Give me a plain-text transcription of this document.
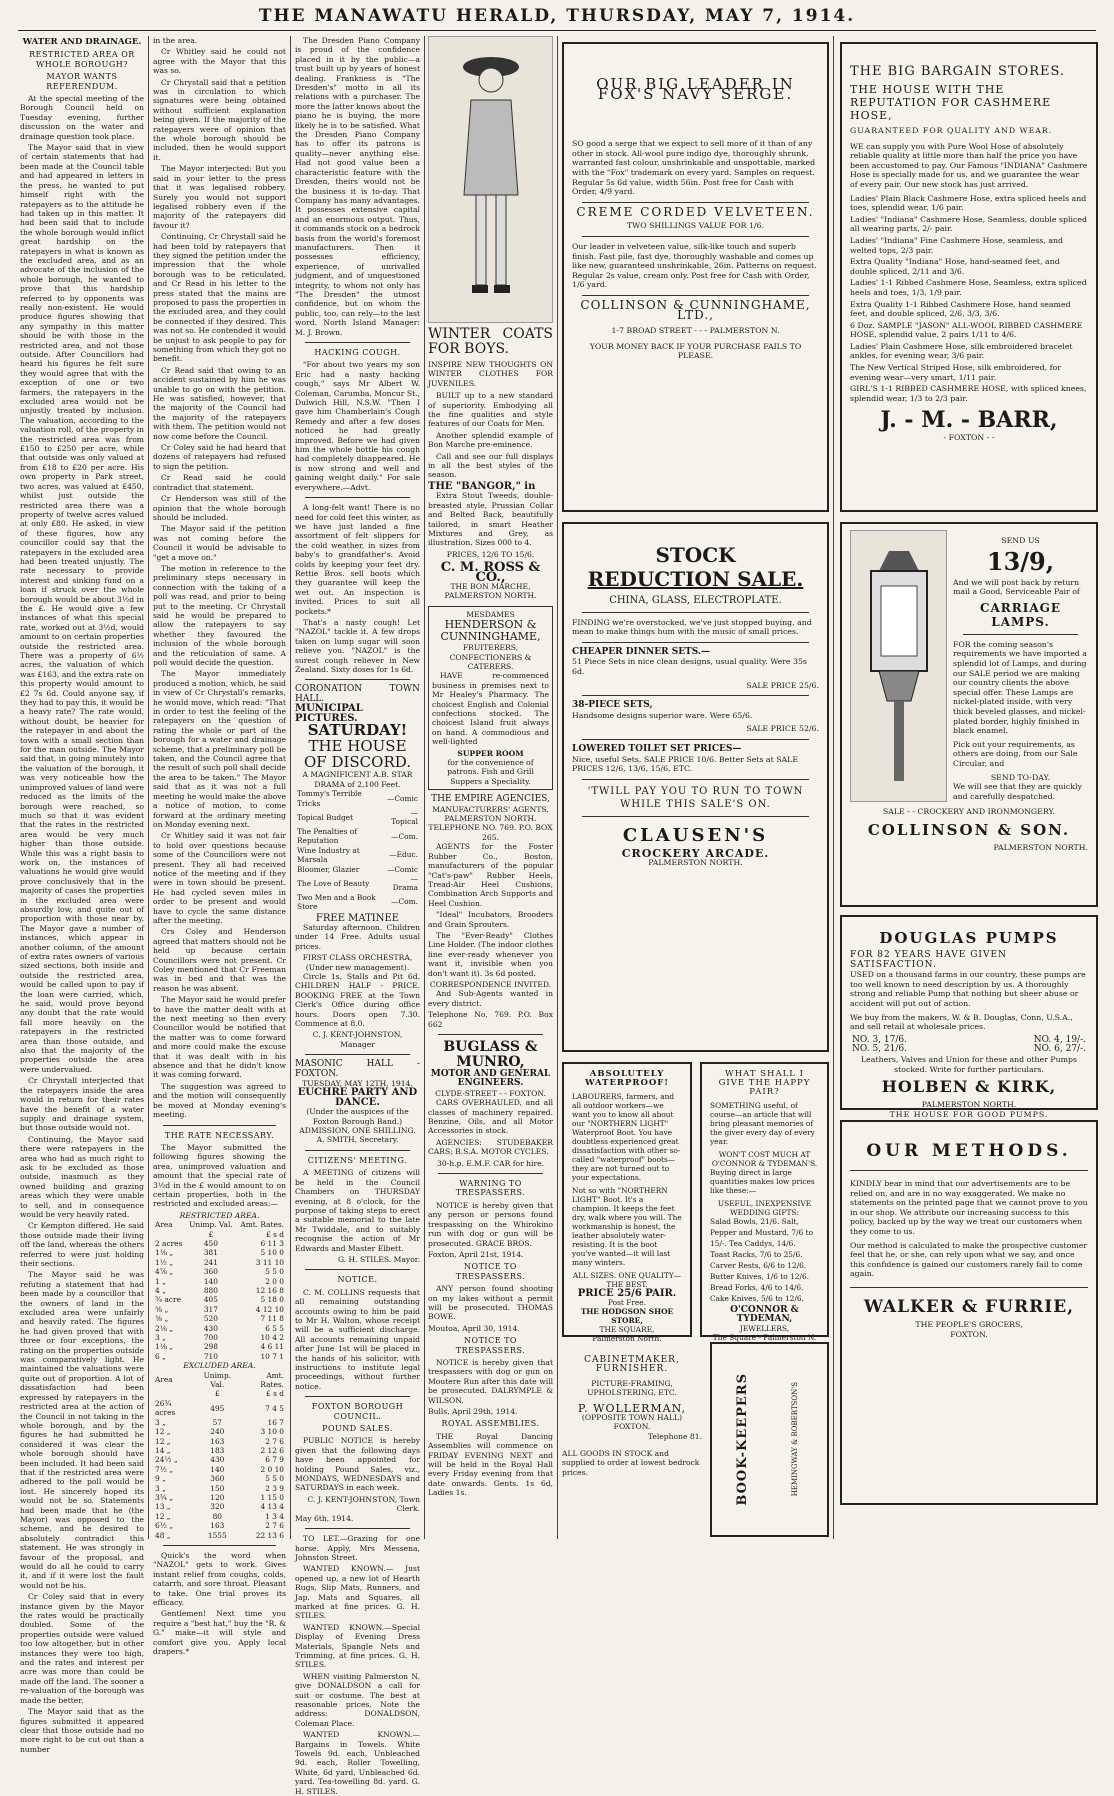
THE MANAWATU HERALD, THURSDAY, MAY 7, 1914.
WATER AND DRAINAGE.
RESTRICTED AREA OR WHOLE BOROUGH?
MAYOR WANTS REFERENDUM.

At the special meeting of the Borough Council held on Tuesday evening, further discussion on the water and drainage question took place.

The Mayor said that in view of certain statements that had been made at the Council table and had appeared in letters in the press, he wanted to put himself right with the ratepayers as to the attitude he had taken up in this matter. It had been said that to include the whole borough would inflict great hardship on the ratepayers in what is known as the excluded area, and as an advocate of the inclusion of the whole borough, he wanted to prove that this hardship referred to by opponents was really non-existent. He would produce figures showing that any sympathy in this matter should be with those in the restricted area, and not those outside. After Councillors had heard his figures he felt sure they would agree that with the exception of one or two farmers, the ratepayers in the excluded area would not be unjustly treated by inclusion. The valuation, according to the valuation roll, of the property in the restricted area was from £150 to £250 per acre, while that outside was only valued at from £18 to £20 per acre. His own property in Park street, two acres, was valued at £450, whilst just outside the restricted area there was a property of twelve acres valued at only £80. He asked, in view of these figures, how any councillor could say that the ratepayers in the excluded area had been treated unjustly. The rate necessary to provide interest and sinking fund on a loan if struck over the whole borough would be about 3½d in the £. He would give a few instances of what this special rate, worked out at 3½d, would amount to on certain properties outside the restricted area. There was a property of 6½ acres, the valuation of which was £163, and the extra rate on this property would amount to £2 7s 6d. Could anyone say, if they had to pay this, it would be a heavy rate? The rate would, without doubt, be heavier for the ratepayer in and about the town with a small section than for the man outside. The Mayor said that, in going minutely into the valuation of the borough, it was very noticeable how the unimproved values of land were reduced as the limits of the borough were reached, so much so that it was evident that the rates in the restricted area would be very much higher than those outside. While this was a right basis to work on, the instances of valuations he would give would prove conclusively that in the majority of cases the properties in the excluded area were absurdly low, and quite out of proportion with those near by. The Mayor gave a number of instances, which appear in another column, of the amount of extra rates owners of various sized sections, both inside and outside the restricted area, would be called upon to pay if the loan were carried, which, he said, would prove beyond any doubt that the rate would fall more heavily on the ratepayers in the restricted area than those outside, and also that the majority of the properties outside the area were undervalued.

Cr Chrystall interjected that the ratepayers inside the area would in return for their rates have the benefit of a water supply and drainage system, but those outside would not.

Continuing, the Mayor said there were ratepayers in the area who had as much right to ask to be excluded as those outside, inasmuch as they owned building and grazing areas which they were unable to sell, and in consequence would be very heavily rated.

Cr Kempton differed. He said those outside made their living off the land, whereas the others referred to were just holding their sections.

The Mayor said he was refuting a statement that had been made by a councillor that the owners of land in the excluded area were unfairly and heavily rated. The figures he had given proved that with three or four exceptions, the rating on the properties outside was comparatively light. He maintained the valuations were quite out of proportion. A lot of dissatisfaction had been expressed by ratepayers in the restricted area at the action of the Council in not taking in the whole borough, and by the figures he had submitted he considered it was clear the whole borough should have been included. It had been said that if the restricted area were adhered to the poll would be lost. He sincerely hoped its would not be so. Statements had been made that he (the Mayor) was opposed to the scheme, and he desired to absolutely contradict this statement. He was strongly in favour of the proposal, and would do all he could to carry it, and if it were lost the fault would not be his.

Cr Coley said that in every instance given by the Mayor the rates would be practically doubled. Some of the properties outside were valued too low altogether, but in other instances they were too high, and the rates and interest per acre was more than could be made off the land. The sooner a re-valuation of the borough was made the better.

The Mayor said that as the figures submitted it appeared clear that those outside had no more right to be cut out than a number

in the area.

Cr Whitley said he could not agree with the Mayor that this was so.

Cr Chrystall said that a petition was in circulation to which signatures were being obtained without sufficient explanation being given. If the majority of the ratepayers were of opinion that the whole borough should be included, then he would support it.

The Mayor interjected: But you said in your letter to the press that it was legalised robbery. Surely you would not support legalised robbery even if the majority of the ratepayers did favour it?

Continuing, Cr Chrystall said he had been told by ratepayers that they signed the petition under the impression that the whole borough was to be reticulated, and Cr Read in his letter to the press stated that the mains are proposed to pass the properties in the excluded area, and they could be connected if they desired. This was not so. He contended it would be unjust to ask people to pay for something from which they got no benefit.

Cr Read said that owing to an accident sustained by him he was unable to go on with the petition. He was satisfied, however, that the majority of the Council had the majority of the ratepayers with them. The petition would not now come before the Council.

Cr Coley said he had heard that dozens of ratepayers had refused to sign the petition.

Cr Read said he could contradict that statement.

Cr Henderson was still of the opinion that the whole borough should be included.

The Mayor said if the petition was not coming before the Council it would be advisable to "get a move on."

The motion in reference to the preliminary steps necessary in connection with the taking of a poll was read, and prior to being put to the meeting, Cr Chrystall said he would be prepared to allow the ratepayers to say whether they favoured the inclusion of the whole borough and the reticulation of same. A poll would decide the question.

The Mayor immediately produced a motion, which, he said in view of Cr Chrystall's remarks, he would move, which read: "That in order to test the feeling of the ratepayers on the question of rating the whole or part of the borough for a water and drainage scheme, that a preliminary poll be taken, and the Council agree that the result of such poll shall decide the area to be taken." The Mayor said that as it was not a full meeting he would make the above a notice of motion, to come forward at the ordinary meeting on Monday evening next.

Cr Whitley said it was not fair to hold over questions because some of the Councillors were not present. They all had received notice of the meeting and if they were in town should be present. He had cycled seven miles in order to be present and would have to cycle the same distance after the meeting.

Crs Coley and Henderson agreed that matters should not be held up because certain Councillors were not present. Cr Coley mentioned that Cr Freeman was in bed and that was the reason he was absent.

The Mayor said he would prefer to have the matter dealt with at the next meeting so then every Councillor would be notified that the matter was to come forward and more could make the excuse that it was dealt with in his absence and that he didn't know it was coming forward.

The suggestion was agreed to and the motion will consequently be moved at Monday evening's meeting.

THE RATE NECESSARY.

The Mayor submitted the following figures showing the area, unimproved valuation and amount that the special rate of 3½d in the £ would amount to on certain properties, both in the restricted and excluded areas:—

RESTRICTED AREA.
Area	Unimp. Val.	Amt. Rates.
	£	£ s d
2 acres	450	6 11 3
1⅛ „	381	5 10 0
1½ „	241	3 11 10
4⅞ „	360	5 5 0
1 „	140	2 0 0
4 „	880	12 16 8
¾ acre	405	5 18 0
⅜ „	317	4 12 10
⅜ „	520	7 11 8
2⅛ „	430	6 5 5
3 „	700	10 4 2
1⅛ „	298	4 6 11
6 „	710	10 7 1
EXCLUDED AREA.
Area	Unimp. Val.	Amt. Rates.
	£	£ s d
26¾ acres	495	7 4 5
3 „	57	16 7
12 „	240	3 10 0
12 „	163	2 7 6
14 „	183	2 12 6
24½ „	430	6 7 9
7½ „	140	2 0 10
9 „	360	5 5 0
3 „	150	2 3 9
3¾ „	120	1 15 0
13 „	320	4 13 4
12 „	80	1 3 4
6½ „	163	2 7 6
48 „	1555	22 13 6

Quick's the word when "NAZOL" gets to work. Gives instant relief from coughs, colds, catarrh, and sore throat. Pleasant to take. One trial proves its efficacy.

Gentlemen! Next time you require a "best hat," buy the "R. & G." make—it will style and comfort give you. Apply local drapers.*

The Dresden Piano Company is proud of the confidence placed in it by the public—a trust built up by years of honest dealing. Frankness is "The Dresden's" motto in all its relations with a purchaser. The more the latter knows about the piano he is buying, the more likely he is to be satisfied. What the Dresden Piano Company has to offer its patrons is quality—never anything else. Had not good value been a characteristic feature with the Dresden, theirs would not be the business it is to-day. That Company has many advantages. It possesses extensive capital and an enormous output. Thus, it commands stock on a bedrock basis from the world's foremost manufacturers. Then it possesses efficiency, experience, of unrivalled judgment, and of unquestioned integrity, to whom not only has "The Dresden" the utmost confidence, but on whom the public, too, can rely—to the last word. North Island Manager: M. J. Brown.

HACKING COUGH.

"For about two years my son Eric had a nasty hacking cough," says Mr Albert W. Coleman, Carumba, Moncur St., Dulwich Hill, N.S.W. "Then I gave him Chamberlain's Cough Remedy and after a few doses noticed he had greatly improved. Before we had given him the whole bottle his cough had completely disappeared. He is now strong and well and gaining weight daily." For sale everywhere.—Advt.

A long-felt want! There is no need for cold feet this winter, as we have just landed a fine assortment of felt slippers for the cold weather, in sizes from baby's to grandfather's. Avoid colds by keeping your feet dry. Rettie Bros. sell boots which they guarantee will keep the wet out. An inspection is invited. Prices to suit all pockets.*

That's a nasty cough! Let "NAZOL" tackle it. A few drops taken on lump sugar will soon relieve you. "NAZOL" is the surest cough reliever in New Zealand. Sixty doses for 1s 6d.

CORONATION TOWN HALL.
MUNICIPAL PICTURES.
SATURDAY!
THE HOUSE OF DISCORD.
A MAGNIFICENT A.B. STAR DRAMA of 2,100 Feet.
Tommy's Terrible Tricks	—Comic
Topical Budget	—Topical
The Penalties of Reputation	—Com.
Wine Industry at Marsala	—Educ.
Bloomer, Glazier	—Comic
The Love of Beauty	—Drama
Two Men and a Book Store	—Com.
FREE MATINEE

Saturday afternoon. Children under 14 Free. Adults usual prices.

FIRST CLASS ORCHESTRA,
(Under new management).

Circle 1s, Stalls and Pit 6d. CHILDREN HALF - PRICE. BOOKING FREE at the Town Clerk's Office during office hours. Doors open 7.30. Commence at 8.0.

C. J. KENT-JOHNSTON, Manager
MASONIC HALL - FOXTON.
TUESDAY, MAY 12TH, 1914.
EUCHRE PARTY AND DANCE.
(Under the auspices of the Foxton Borough Band.)
ADMISSION, ONE SHILLING. A. SMITH, Secretary.
CITIZENS' MEETING.

A MEETING of citizens will be held in the Council Chambers on THURSDAY evening, at 8 o'clock, for the purpose of taking steps to erect a suitable memorial to the late Mr Twiddale, and to suitably recognise the action of Mr Edwards and Master Elbett.

G. H. STILES. Mayor.
NOTICE.

C. M. COLLINS requests that all remaining outstanding accounts owing to him be paid to Mr H. Walton, whose receipt will be a sufficient discharge. All accounts remaining unpaid after June 1st will be placed in the hands of his solicitor, with instructions to institute legal proceedings, without further notice.

FOXTON BOROUGH COUNCIL.
POUND SALES.

PUBLIC NOTICE is hereby given that the following days have been appointed for holding Pound Sales, viz., MONDAYS, WEDNESDAYS and SATURDAYS in each week.

C. J. KENT-JOHNSTON, Town Clerk.
May 6th, 1914.

TO LET.—Grazing for one horse. Apply, Mrs Messena, Johnston Street.

WANTED KNOWN.— Just opened up, a new lot of Hearth Rugs, Slip Mats, Runners, and Jap. Mats and Squares, all marked at fine prices. G. H. STILES.

WANTED KNOWN.—Special Display of Evening Dress Materials, Spangle Nets and Trimming, at fine prices. G. H. STILES.

WHEN visiting Palmerston N. give DONALDSON a call for suit or costume. The best at reasonable prices. Note the address: DONALDSON, Coleman Place.

WANTED KNOWN.— Bargains in Towels. White Towels 9d. each, Unbleached 9d. each, Roller Towelling, White, 6d yard, Unbleached 6d. yard. Tea-towelling 8d. yard. G. H. STILES.

WINTER COATS FOR BOYS.
INSPIRE NEW THOUGHTS ON WINTER CLOTHES FOR JUVENILES.

BUILT up to a new standard of superiority. Embodying all the fine qualities and style features of our Coats for Men.

Another splendid example of Bon Marche pre-eminence.

Call and see our full displays in all the best styles of the season.

THE "BANGOR," in

Extra Stout Tweeds, double-breasted style, Prussian Collar and Belted Back, beautifully tailored, in smart Heather Mixtures and Grey, as illustration. Sizes 000 to 4.

PRICES, 12/6 TO 15/6.
C. M. ROSS & CO.,
THE BON MARCHE,
PALMERSTON NORTH.
MESDAMES
HENDERSON & CUNNINGHAME,
FRUITERERS, CONFECTIONERS & CATERERS.

HAVE re-commenced business in premises next to Mr Healey's Pharmacy. The choicest English and Colonial confections stocked. The choicest Island fruit always on hand. A commodious and well-lighted

SUPPER ROOM
for the convenience of patrons. Fish and Grill Suppers a Speciality.
THE EMPIRE AGENCIES,
MANUFACTURERS' AGENTS, PALMERSTON NORTH.
TELEPHONE NO. 769. P.O. BOX 265.

AGENTS for the Foster Rubber Co., Boston, manufacturers of the popular "Cat's-paw" Rubber Heels, Tread-Air Heel Cushions, Combination Arch Supports and Heel Cushion.

"Ideal" Incubators, Brooders and Grain Sprouters.

The "Ever-Ready" Clothes Line Holder. (The indoor clothes line ever-ready whenever you want it, invisible when you don't want it). 3s 6d posted.

CORRESPONDENCE INVITED.

And Sub-Agents wanted in every district.

Telephone No. 769. P.O. Box 662
BUGLASS & MUNRO,
MOTOR AND GENERAL ENGINEERS.
CLYDE-STREET - - FOXTON.

CARS OVERHAULED, and all classes of machinery repaired. Benzine, Oils, and all Motor Accessories in stock.

AGENCIES: STUDEBAKER CARS; B.S.A. MOTOR CYCLES.

30-h.p. E.M.F. CAR for hire.
WARNING TO TRESPASSERS.

NOTICE is hereby given that any person or persons found trespassing on the Whirokino run with dog or gun will be prosecuted. GRACE BROS.

Foxton, April 21st, 1914.
NOTICE TO TRESPASSERS.

ANY person found shooting on my lakes without a permit will be prosecuted. THOMAS BOWE.

Moutoa, April 30, 1914.
NOTICE TO TRESPASSERS.

NOTICE is hereby given that trespassers with dog or gun on Moutere Run after this date will be prosecuted. DALRYMPLE & WILSON.

Bulls, April 29th, 1914.
ROYAL ASSEMBLIES.

THE Royal Dancing Assemblies will commence on FRIDAY EVENING NEXT and will be held in the Royal Hall every Friday evening from that date onwards. Gents. 1s 6d, Ladies 1s.

OUR BIG LEADER IN FOX'S NAVY SERGE.

SO good a serge that we expect to sell more of it than of any other in stock. All-wool pure indigo dye, thoroughly shrunk, warranted fast colour, unshrinkable and unspottable, marked with the "Fox" trademark on every yard. Samples on request. Regular 5s 6d value, width 56in. Post free for Cash with Order, 4/9 yard.

CREME CORDED VELVETEEN.
TWO SHILLINGS VALUE FOR 1/6.

Our leader in velveteen value, silk-like touch and superb finish. Fast pile, fast dye, thoroughly washable and comes up like new, guaranteed unshrinkable, 26in. Patterns on request. Regular 2s value, cream only. Post free for Cash with Order, 1/6 yard.

COLLINSON & CUNNINGHAME, LTD.,
1-7 BROAD STREET - - - PALMERSTON N.
YOUR MONEY BACK IF YOUR PURCHASE FAILS TO PLEASE.
THE BIG BARGAIN STORES.
THE HOUSE WITH THE REPUTATION FOR CASHMERE HOSE,
GUARANTEED FOR QUALITY AND WEAR.

WE can supply you with Pure Wool Hose of absolutely reliable quality at little more than half the price you have been accustomed to pay. Our Famous "INDIANA" Cashmere Hose is specially made for us, and we guarantee the wear of every pair. Our new stock has just arrived.

Ladies' Plain Black Cashmere Hose, extra spliced heels and toes, splendid wear, 1/6 pair.
Ladies' "Indiana" Cashmere Hose, Seamless, double spliced all wearing parts, 2/- pair.
Ladies' "Indiana" Fine Cashmere Hose, seamless, and welted tops, 2/3 pair.
Extra Quality "Indiana" Hose, hand-seamed feet, and double spliced, 2/11 and 3/6.
Ladies' 1-1 Ribbed Cashmere Hose, Seamless, extra spliced heels and toes, 1/3, 1/9 pair.
Extra Quality 1-1 Ribbed Cashmere Hose, hand seamed feet, and double spliced, 2/6, 3/3, 3/6.
6 Doz. SAMPLE "JASON" ALL-WOOL RIBBED CASHMERE HOSE, splendid value, 2 pairs 1/11 to 4/6.
Ladies' Plain Cashmere Hose, silk embroidered bracelet ankles, for evening wear, 3/6 pair.
The New Vertical Striped Hose, silk embroidered, for evening wear—very smart, 1/11 pair.
GIRL'S 1-1 RIBBED CASHMERE HOSE, with spliced knees, splendid wear, 1/3 to 2/3 pair.
J. - M. - BARR,
- FOXTON - -
STOCK
REDUCTION SALE.
CHINA, GLASS, ELECTROPLATE.

FINDING we're overstocked, we've just stopped buying, and mean to make things hum with the music of small prices.

CHEAPER DINNER SETS.—

51 Piece Sets in nice clean designs, usual quality. Were 35s 6d.

SALE PRICE 25/6.
38-PIECE SETS,

Handsome designs superior ware. Were 65/6.

SALE PRICE 52/6.
LOWERED TOILET SET PRICES—

Nice, useful Sets, SALE PRICE 10/6. Better Sets at SALE PRICES 12/6, 13/6, 15/6, ETC.

'TWILL PAY YOU TO RUN TO TOWN WHILE THIS SALE'S ON.
CLAUSEN'S
CROCKERY ARCADE.
PALMERSTON NORTH.
SEND US
13/9,

And we will post back by return mail a Good, Serviceable Pair of

CARRIAGE LAMPS.

FOR the coming season's requirements we have imported a splendid lot of Lamps, and during our SALE period we are making our country clients the above special offer. These Lamps are nickel-plated inside, with very thick beveled glasses, and nickel-plated border, highly finished in black enamel.

Pick out your requirements, as others are doing, from our Sale Circular, and

SEND TO-DAY.

We will see that they are quickly and carefully despatched.

SALE - - CROCKERY AND IRONMONGERY.
COLLINSON & SON.
PALMERSTON NORTH.
DOUGLAS PUMPS
FOR 82 YEARS HAVE GIVEN SATISFACTION.

USED on a thousand farms in our country, these pumps are too well known to need description by us. A thoroughly strong and reliable Pump that nothing but sheer abuse or accident will put out of action.

We buy from the makers, W. & B. Douglas, Conn, U.S.A., and sell retail at wholesale prices.

NO. 3, 17/6.	NO. 4, 19/-.
NO. 5, 21/6.	NO. 6, 27/-.
Leathers, Valves and Union for these and other Pumps stocked. Write for further particulars.
HOLBEN & KIRK,
PALMERSTON NORTH.
THE HOUSE FOR GOOD PUMPS.
ABSOLUTELY WATERPROOF!

LABOURERS, farmers, and all outdoor workers—we want you to know all about our "NORTHERN LIGHT" Waterproof Boot. You have doubtless experienced great dissatisfaction with other so-called "waterproof" boots—they are not turned out to your expectations.

Not so with "NORTHERN LIGHT" Boot. It's a champion. It keeps the feet dry, walk where you will. The workmanship is honest, the leather absolutely water-resisting. It is the boot you've wanted—it will last many winters.

ALL SIZES. ONE QUALITY—THE BEST.
PRICE 25/6 PAIR.
Post Free.
THE HODGSON SHOE STORE,
THE SQUARE,
Palmerston North.
WHAT SHALL I GIVE THE HAPPY PAIR?

SOMETHING useful, of course—an article that will bring pleasant memories of the giver every day of every year.

WON'T COST MUCH AT O'CONNOR & TYDEMAN'S.

Buying direct in large quantities makes low prices like these:—

USEFUL, INEXPENSIVE WEDDING GIFTS:
Salad Bowls, 21/6. Salt,
Pepper and Mustard, 7/6 to
15/-. Tea Caddys, 14/6.
Toast Racks, 7/6 to 25/6.
Carver Rests, 6/6 to 12/6.
Butter Knives, 1/6 to 12/6.
Bread Forks, 4/6 to 14/6.
Cake Knives, 5/6 to 12/6.
O'CONNOR & TYDEMAN,
JEWELLERS,
The Square - Palmerston N.

CABINETMAKER, FURNISHER.
PICTURE-FRAMING, UPHOLSTERING, ETC.
P. WOLLERMAN,
(OPPOSITE TOWN HALL)
FOXTON.
Telephone 81.

ALL GOODS IN STOCK and supplied to order at lowest bedrock prices.	BOOK-KEEPERS	HEMINGWAY & ROBERTSON'S
OUR METHODS.

KINDLY bear in mind that our advertisements are to be relied on, and are in no way exaggerated. We make no statements on the printed page that we cannot prove to you in our shop. We attribute our increasing success to this policy, backed up by the way we treat our customers when they come to us.

Our method is calculated to make the prospective customer feel that he, or she, can rely upon what we say, and once this confidence is gained our customers rarely fail to come again.

WALKER & FURRIE,
THE PEOPLE'S GROCERS,
FOXTON.
